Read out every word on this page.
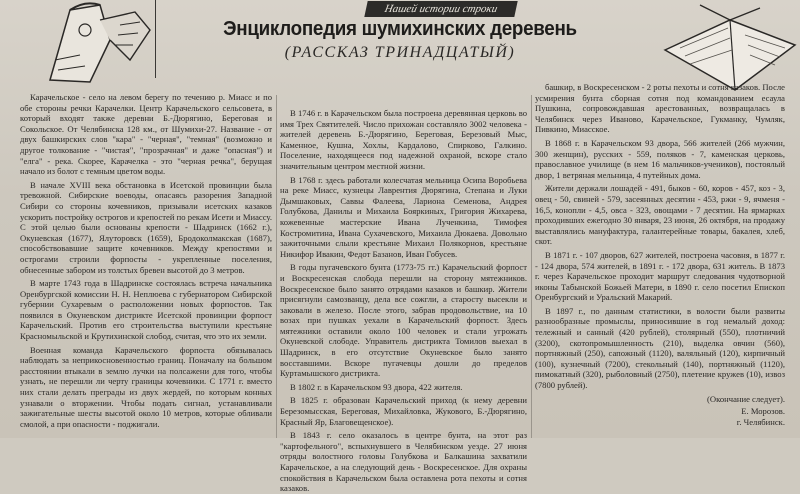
Нашей истории строки
Энциклопедия шумихинских деревень
(РАССКАЗ ТРИНАДЦАТЫЙ)

Карачельское - село на левом берегу по течению р. Миасс и по обе стороны речки Карачелки. Центр Карачельского сельсовета, в который входят также деревни Б.-Дюрягино, Береговая и Сокольское. От Челябинска 128 км., от Шумихи-27. Название - от двух башкирских слов "кара" - "черная", "темная" (возможно и другое толкование - "чистая", "прозрачная" и даже "опасная") и "елга" - река. Скорее, Карачелка - это "черная речка", берущая начало из болот с темным цветом воды.

В начале XVIII века обстановка в Исетской провинции была тревожной. Сибирские воеводы, опасаясь разорения Западной Сибири со стороны кочевников, призывали исетских казаков ускорить постройку острогов и крепостей по рекам Исети и Миассу. С этой целью были основаны крепости - Шадринск (1662 г.), Окуневская (1677), Ялуторовск (1659), Бродоколмакская (1687), способствовавшие защите кочевников. Между крепостями и острогами строили форпосты - укрепленные поселения, обнесенные забором из толстых бревен высотой до 3 метров.

В марте 1743 года в Шадринске состоялась встреча начальника Оренбургской комиссии Н. Н. Неплюева с губернатором Сибирской губернии Сухаревым о расположении новых форпостов. Так появился в Окуневском дистрикте Исетской провинции форпост Карачельский. Против его строительства выступили крестьяне Красномыльской и Крутихинской слобод, считая, что это их земли.

Военная команда Карачельского форпоста обязывалась наблюдать за неприкосновенностью границ. Поначалу на большом расстоянии втыкали в землю лучки на полсажени для того, чтобы узнать, не перешли ли черту границы кочевники. С 1771 г. вместо них стали делать преграды из двух жердей, по которым конных узнавали о вторжении. Чтобы подать сигнал, устанавливали зажигательные шесты высотой около 10 метров, которые обливали смолой, а при опасности - поджигали.

В 1746 г. в Карачельском была построена деревянная церковь во имя Трех Святителей. Число прихожан составляло 3002 человека - жителей деревень Б.-Дюрягино, Береговая, Березовый Мыс, Каменное, Кушна, Хохлы, Кардалово, Спирково, Галкино. Поселение, находящееся под надежной охраной, вскоре стало значительным центром местной жизни.

В 1768 г. здесь работали колесчатая мельница Осипа Воробьева на реке Миасс, кузнецы Лаврентия Дюрягина, Степана и Луки Дымшаковых, Саввы Фалеева, Лариона Семенова, Андрея Голубкова, Данилы и Михаила Бояркиных, Григория Жихарева, кожевенные мастерские Ивана Лученкина, Тимофея Костромитина, Ивана Сухачевского, Михаила Дюкаева. Довольно зажиточными слыли крестьяне Михаил Полякорнов, крестьяне Никифор Ивакин, Федот Базанов, Иван Гобусев.

В годы пугачевского бунта (1773-75 гг.) Карачельский форпост и Воскресенская слобода перешли на сторону мятежников. Воскресенское было занято отрядами казаков и башкир. Жители присягнули самозванцу, дела все сожгли, а старосту высекли и заковали в железо. После этого, забрав продовольствие, на 10 возах при пушках уехали в Карачельский форпост. Здесь мятежники оставили около 100 человек и стали угрожать Окуневской слободе. Управитель дистрикта Томилов выехал в Шадринск, в его отсутствие Окуневское было занято восставшими. Вскоре пугачевцы дошли до пределов Куртамышского дистрикта.

В 1802 г. в Карачельском 93 двора, 422 жителя.

В 1825 г. образован Карачельский приход (к нему деревни Березомысская, Береговая, Михайловка, Жукового, Б.-Дюрягино, Красный Яр, Благовещенское).

В 1843 г. село оказалось в центре бунта, на этот раз "картофельного", вспыхнувшего в Челябинском уезде. 27 июня отряды волостного головы Голубкова и Балкашина захватили Карачельское, а на следующий день - Воскресенское. Для охраны спокойствия в Карачельском была оставлена рота пехоты и сотня казаков.

башкир, в Воскресенском - 2 роты пехоты и сотня казаков. После усмирения бунта сборная сотня под командованием есаула Пушкина, сопровождавшая арестованных, возвращалась в Челябинск через Иваново, Карачельское, Гукманку, Чумляк, Пивкино, Миасское.

В 1868 г. в Карачельском 93 двора, 566 жителей (266 мужчин, 300 женщин), русских - 559, поляков - 7, каменская церковь, православное училище (в нем 16 мальчиков-учеников), постоялый двор, 1 ветряная мельница, 4 путейных дома.

Жители держали лошадей - 491, быков - 60, коров - 457, коз - 3, овец - 50, свиней - 579, засеянных десятин - 453, ржи - 9, ячменя - 16,5, конопли - 4,5, овса - 323, овощами - 7 десятин. На ярмарках проходивших ежегодно 30 января, 23 июня, 26 октября, на продажу выставлялись мануфактура, галантерейные товары, бакалея, хлеб, скот.

В 1871 г. - 107 дворов, 627 жителей, построена часовня, в 1877 г. - 124 двора, 574 жителей, в 1891 г. - 172 двора, 631 житель. В 1873 г. через Карачельское проходит маршрут следования чудотворной иконы Табынской Божьей Матери, в 1890 г. село посетил Епископ Оренбургский и Уральский Макарий.

В 1897 г., по данным статистики, в волости были развиты разнообразные промыслы, приносившие в год немалый доход: тележный и санный (420 рублей), столярный (550), плотничий (3200), скотопромышленность (210), выделка овчин (560), портняжный (250), сапожный (1120), валяльный (120), кирпичный (100), кузнечный (7200), стекольный (140), портняжный (1120), пимокатный (320), рыболовный (2750), плетение кружев (10), извоз (7800 рублей).

(Окончание следует).
Е. Морозов.
г. Челябинск.
